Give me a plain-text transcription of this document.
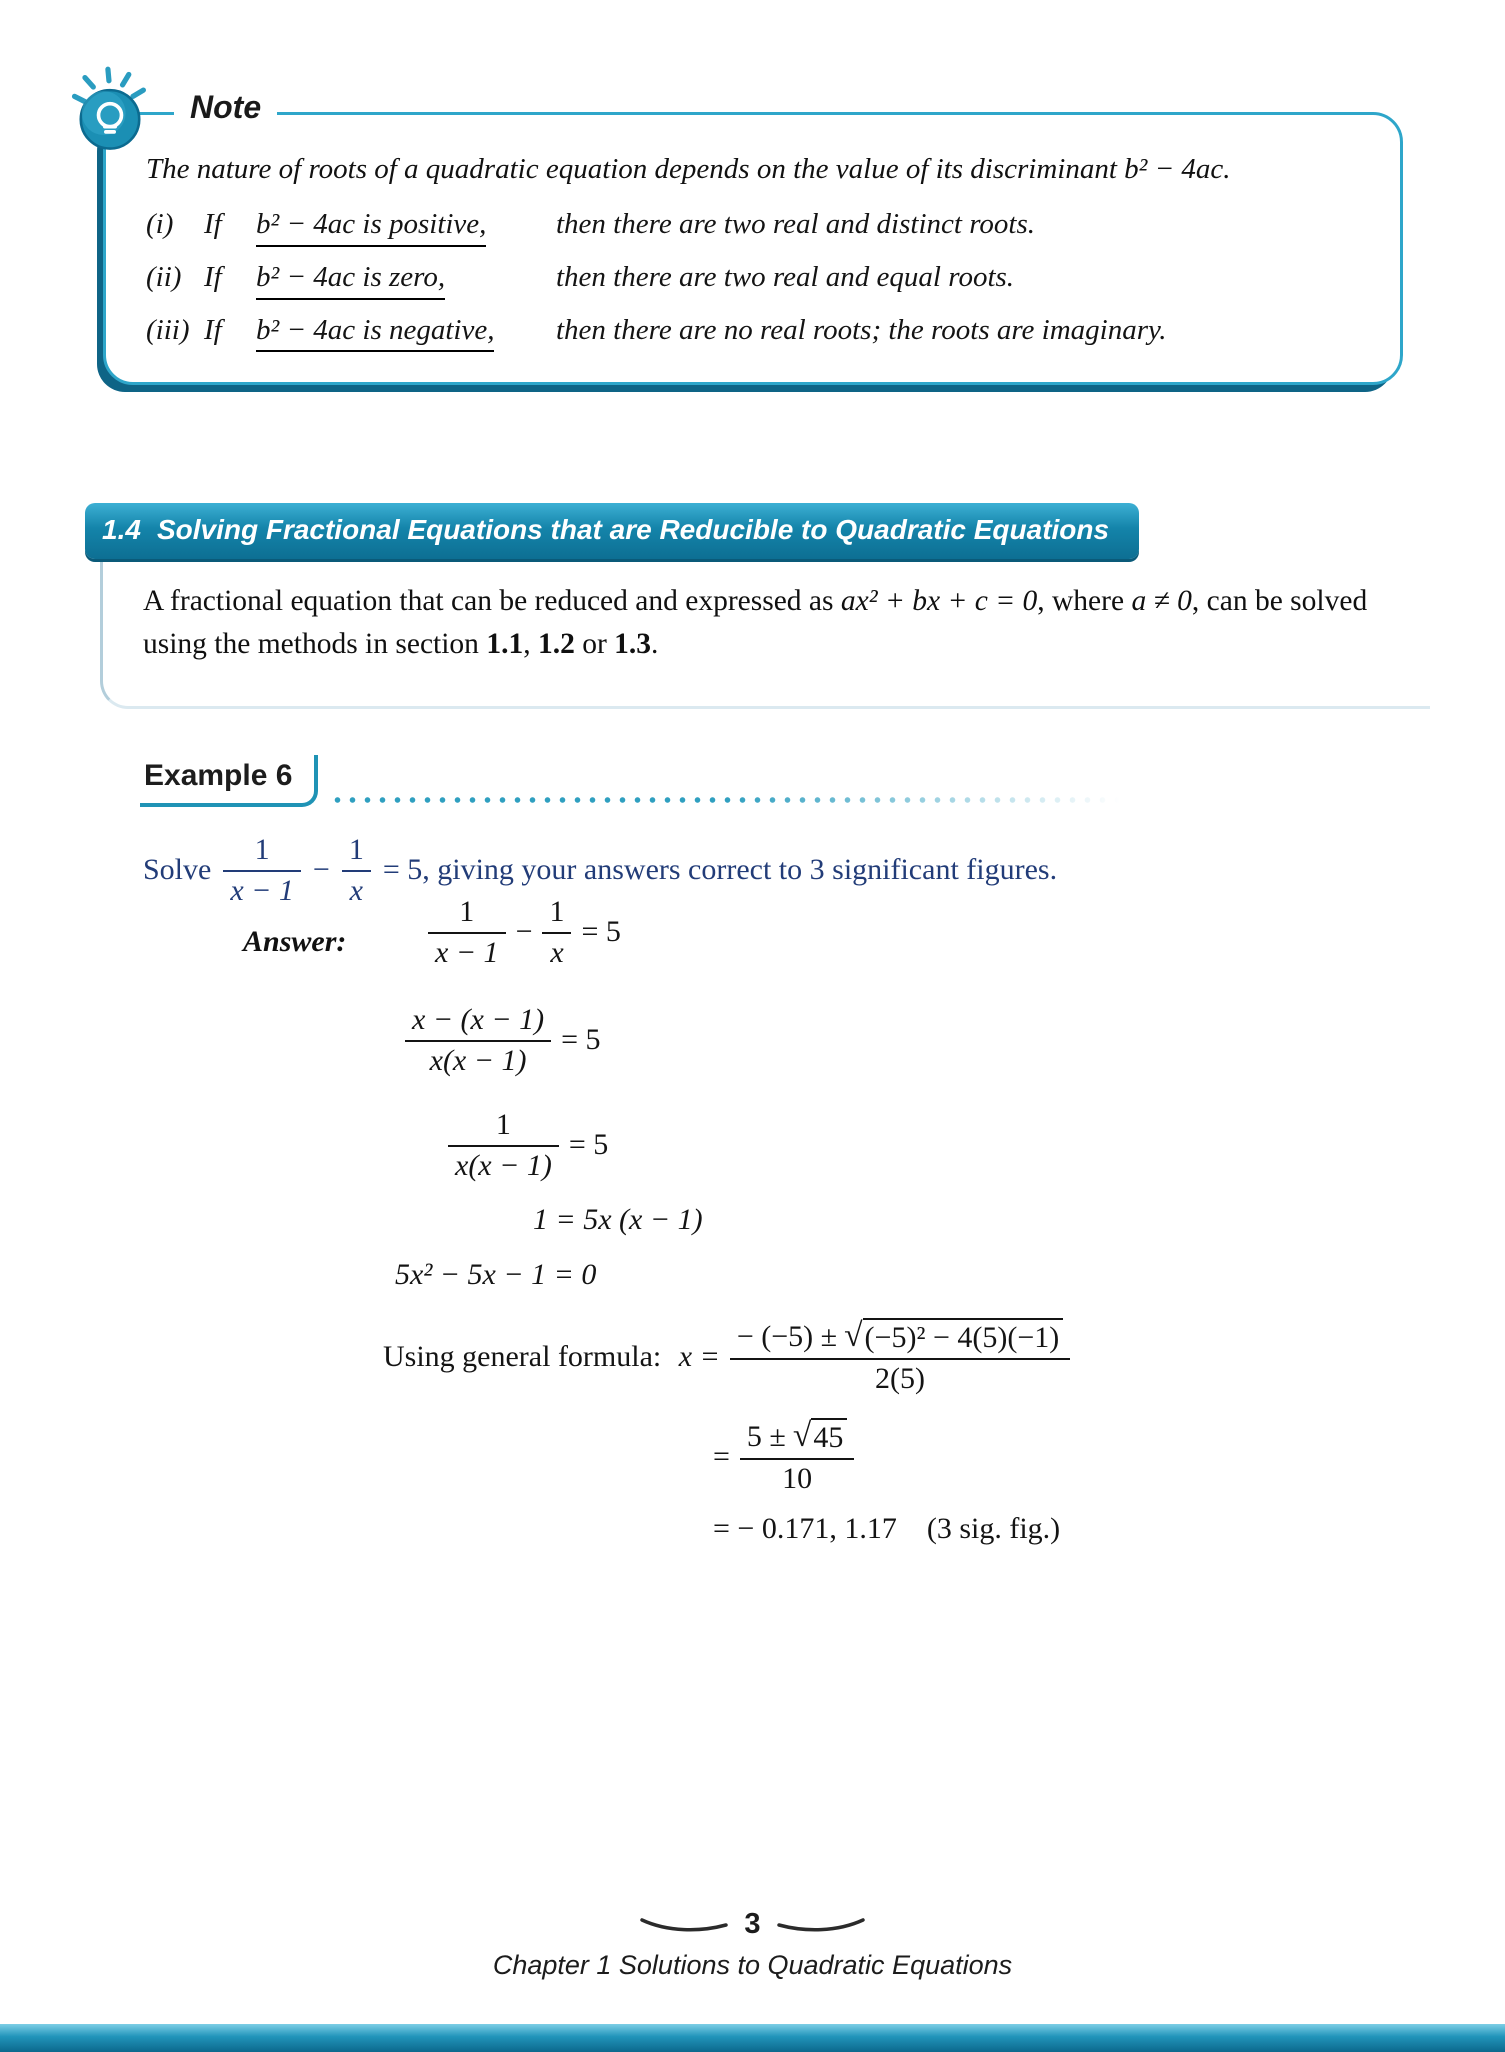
Note

The nature of roots of a quadratic equation depends on the value of its discriminant b² − 4ac.

(i)	If	b² − 4ac is positive, then there are two real and distinct roots.
(ii) If	b² − 4ac is zero,	then there are two real and equal roots.
(iii) If	b² − 4ac is negative, then there are no real roots; the roots are imaginary.
1.4 Solving Fractional Equations that are Reducible to Quadratic Equations

A fractional equation that can be reduced and expressed as ax² + bx + c = 0, where a ≠ 0, can be solved using the methods in section 1.1, 1.2 or 1.3.

Example 6
Solve $\frac{1}{x - 1} - \frac{1}{x} = 5$, giving your answers correct to 3 significant figures.
Answer:	$\frac{1}{x - 1} - \frac{1}{x} = 5$
$\frac{x - (x - 1)}{x(x - 1)} = 5$
$\frac{1}{x(x - 1)} = 5$
1 = 5x (x − 1)
5x² − 5x − 1 = 0
Using general formula: $x = \frac{\text{− (−5) ± √ (−5)² − 4(5)(−1)}}{2(5)}$
= $\frac{5 \pm √ 45}{10}$
= − 0.171, 1.17    (3 sig. fig.)
3
Chapter 1 Solutions to Quadratic Equations
